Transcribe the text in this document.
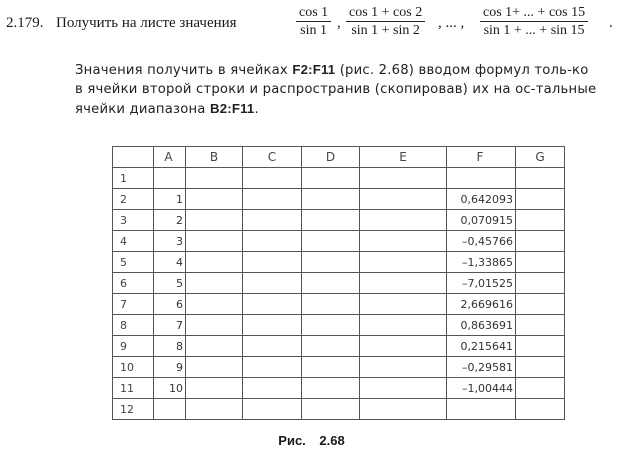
2.179. Получить на листе значения
cos 1
sin 1 ,
cos 1 + cos 2
sin 1 + sin 2 , ... ,
cos 1+ ... + cos 15
sin 1 + ... + sin 15 .
Значения получить в ячейках F2:F11 (рис. 2.68) вводом формул толь-ко в ячейки второй строки и распространив (скопировав) их на ос-тальные ячейки диапазона B2:F11.
	A	B	C	D	E	F	G
1							
2	1					0,642093	
3	2					0,070915	
4	3					–0,45766	
5	4					–1,33865	
6	5					–7,01525	
7	6					2,669616	
8	7					0,863691	
9	8					0,215641	
10	9					–0,29581	
11	10					–1,00444	
12							
Рис. 2.68
